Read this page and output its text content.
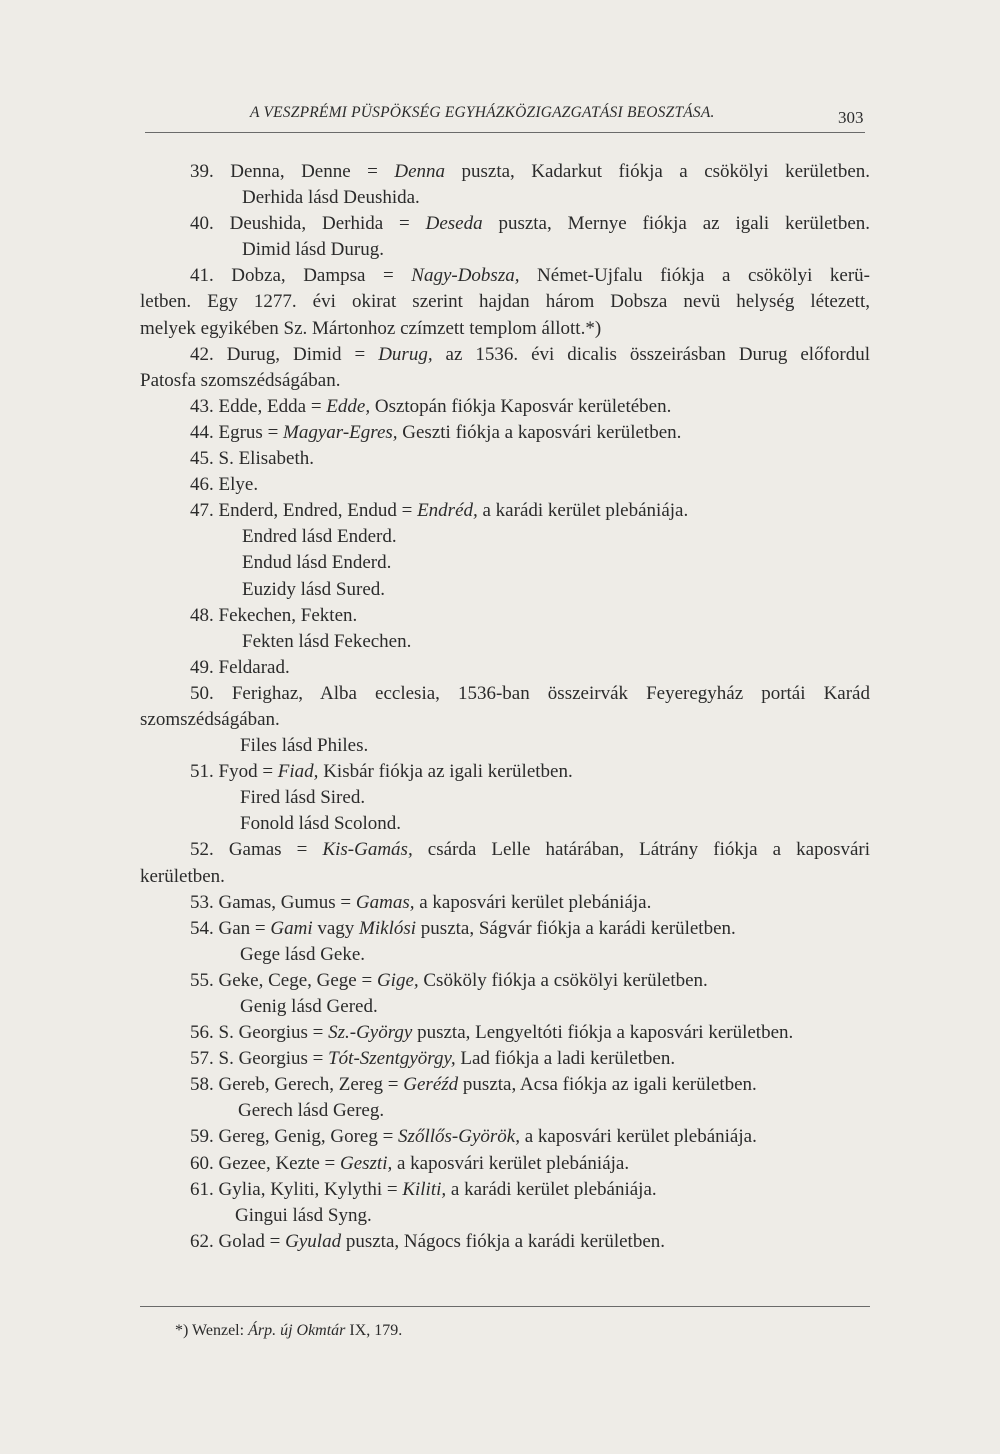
A VESZPRÉMI PÜSPÖKSÉG EGYHÁZKÖZIGAZGATÁSI BEOSZTÁSA.	303
39. Denna, Denne = Denna puszta, Kadarkut fiókja a csökölyi kerületben.
Derhida lásd Deushida.
40. Deushida, Derhida = Deseda puszta, Mernye fiókja az igali kerületben.
Dimid lásd Durug.
41. Dobza, Dampsa = Nagy-Dobsza, Német-Ujfalu fiókja a csökölyi kerü-
letben. Egy 1277. évi okirat szerint hajdan három Dobsza nevü helység létezett,
melyek egyikében Sz. Mártonhoz czímzett templom állott.*)
42. Durug, Dimid = Durug, az 1536. évi dicalis összeirásban Durug előfordul
Patosfa szomszédságában.
43. Edde, Edda = Edde, Osztopán fiókja Kaposvár kerületében.
44. Egrus = Magyar-Egres, Geszti fiókja a kaposvári kerületben.
45. S. Elisabeth.
46. Elye.
47. Enderd, Endred, Endud = Endréd, a karádi kerület plebániája.
Endred lásd Enderd.
Endud lásd Enderd.
Euzidy lásd Sured.
48. Fekechen, Fekten.
Fekten lásd Fekechen.
49. Feldarad.
50. Ferighaz, Alba ecclesia, 1536-ban összeirvák Feyeregyház portái Karád
szomszédságában.
Files lásd Philes.
51. Fyod = Fiad, Kisbár fiókja az igali kerületben.
Fired lásd Sired.
Fonold lásd Scolond.
52. Gamas = Kis-Gamás, csárda Lelle határában, Látrány fiókja a kaposvári
kerületben.
53. Gamas, Gumus = Gamas, a kaposvári kerület plebániája.
54. Gan = Gami vagy Miklósi puszta, Ságvár fiókja a karádi kerületben.
Gege lásd Geke.
55. Geke, Cege, Gege = Gige, Csököly fiókja a csökölyi kerületben.
Genig lásd Gered.
56. S. Georgius = Sz.-György puszta, Lengyeltóti fiókja a kaposvári kerületben.
57. S. Georgius = Tót-Szentgyörgy, Lad fiókja a ladi kerületben.
58. Gereb, Gerech, Zereg = Geréźd puszta, Acsa fiókja az igali kerületben.
Gerech lásd Gereg.
59. Gereg, Genig, Goreg = Szőllős-Györök, a kaposvári kerület plebániája.
60. Gezee, Kezte = Geszti, a kaposvári kerület plebániája.
61. Gylia, Kyliti, Kylythi = Kiliti, a karádi kerület plebániája.
Gingui lásd Syng.
62. Golad = Gyulad puszta, Nágocs fiókja a karádi kerületben.
*) Wenzel: Árp. új Okmtár IX, 179.
